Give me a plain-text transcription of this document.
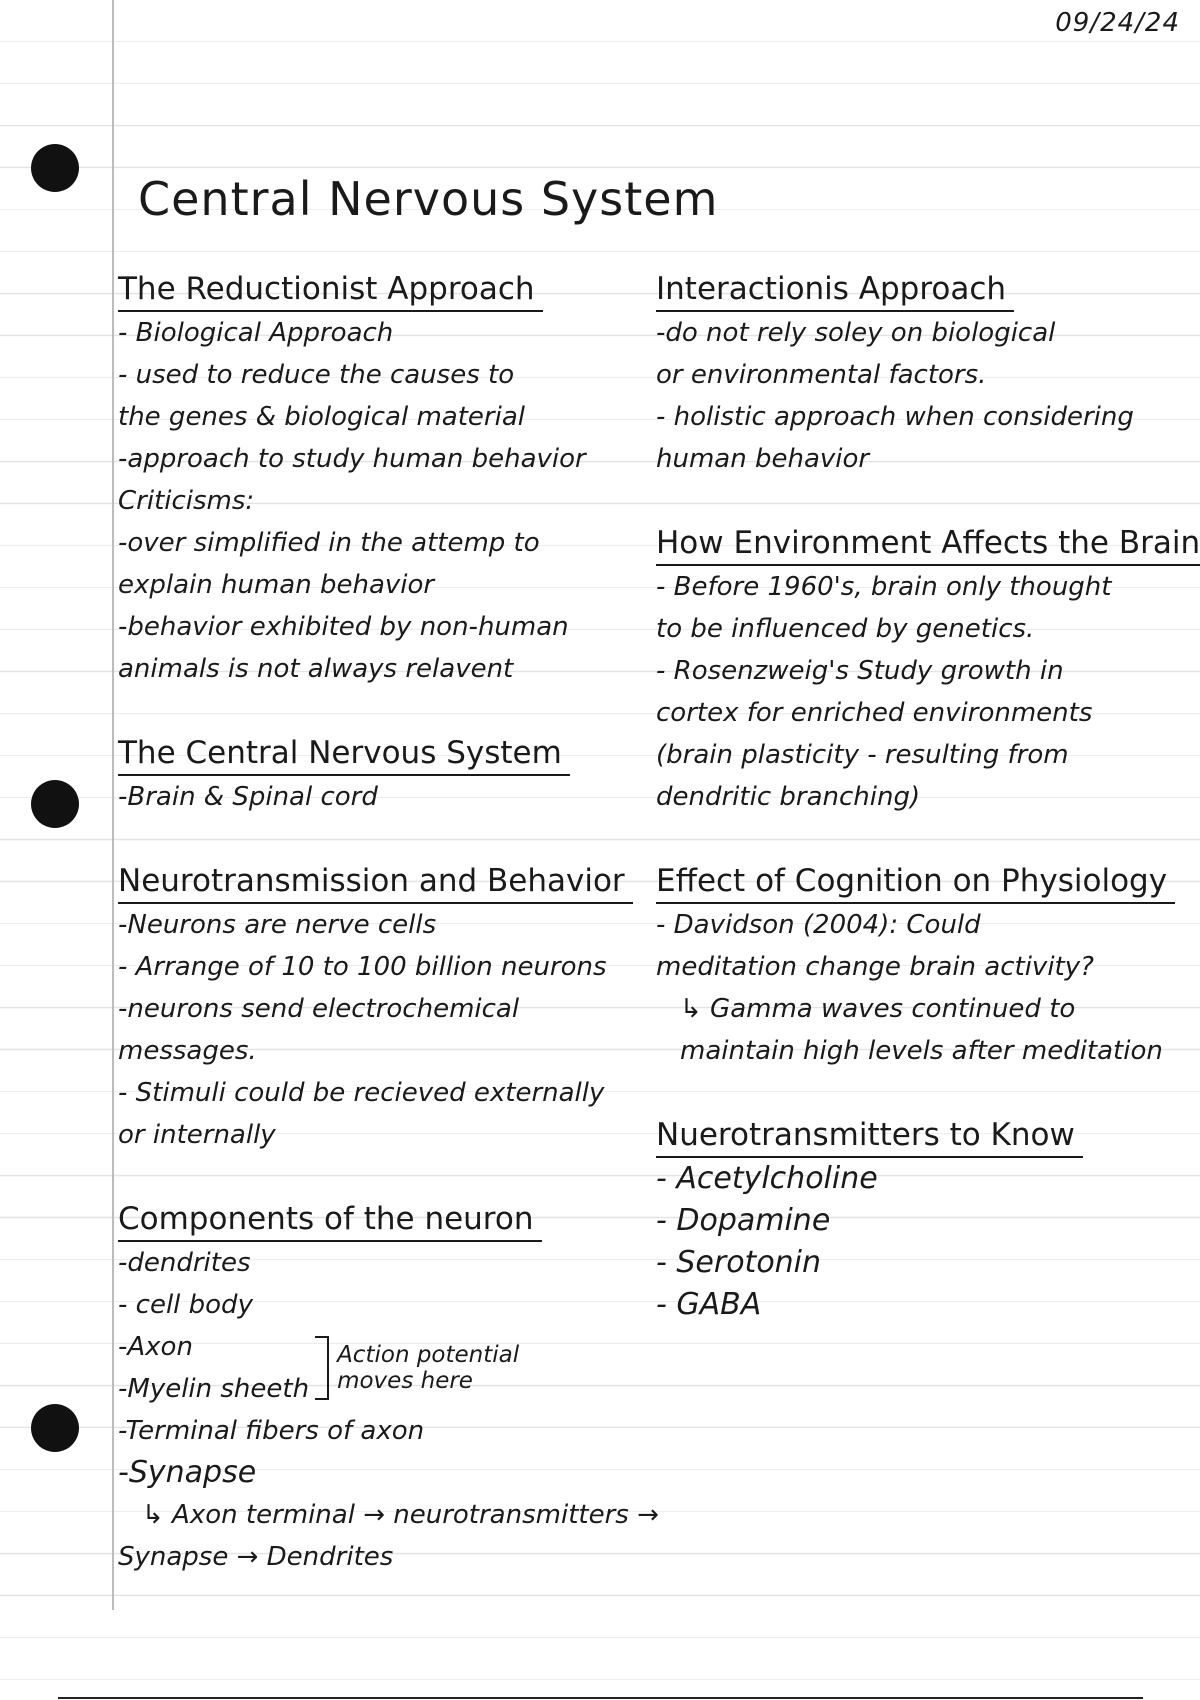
09/24/24
Central Nervous System
The Reductionist Approach
- Biological Approach
- used to reduce the causes to
the genes & biological material
-approach to study human behavior
Criticisms:
-over simplified in the attemp to
explain human behavior
-behavior exhibited by non-human
animals is not always relavent
The Central Nervous System
-Brain & Spinal cord
Neurotransmission and Behavior
-Neurons are nerve cells
- Arrange of 10 to 100 billion neurons
-neurons send electrochemical
messages.
- Stimuli could be recieved externally
or internally
Components of the neuron
-dendrites
- cell body
-Axon
-Myelin sheeth
Action potential
moves here
-Terminal fibers of axon
-Synapse
↳ Axon terminal → neurotransmitters →
Synapse → Dendrites
Interactionis Approach
-do not rely soley on biological
or environmental factors.
- holistic approach when considering
human behavior
How Environment Affects the Brain
- Before 1960's, brain only thought
to be influenced by genetics.
- Rosenzweig's Study growth in
cortex for enriched environments
(brain plasticity - resulting from
dendritic branching)
Effect of Cognition on Physiology
- Davidson (2004): Could
meditation change brain activity?
↳ Gamma waves continued to
maintain high levels after meditation
Nuerotransmitters to Know
- Acetylcholine
- Dopamine
- Serotonin
- GABA
